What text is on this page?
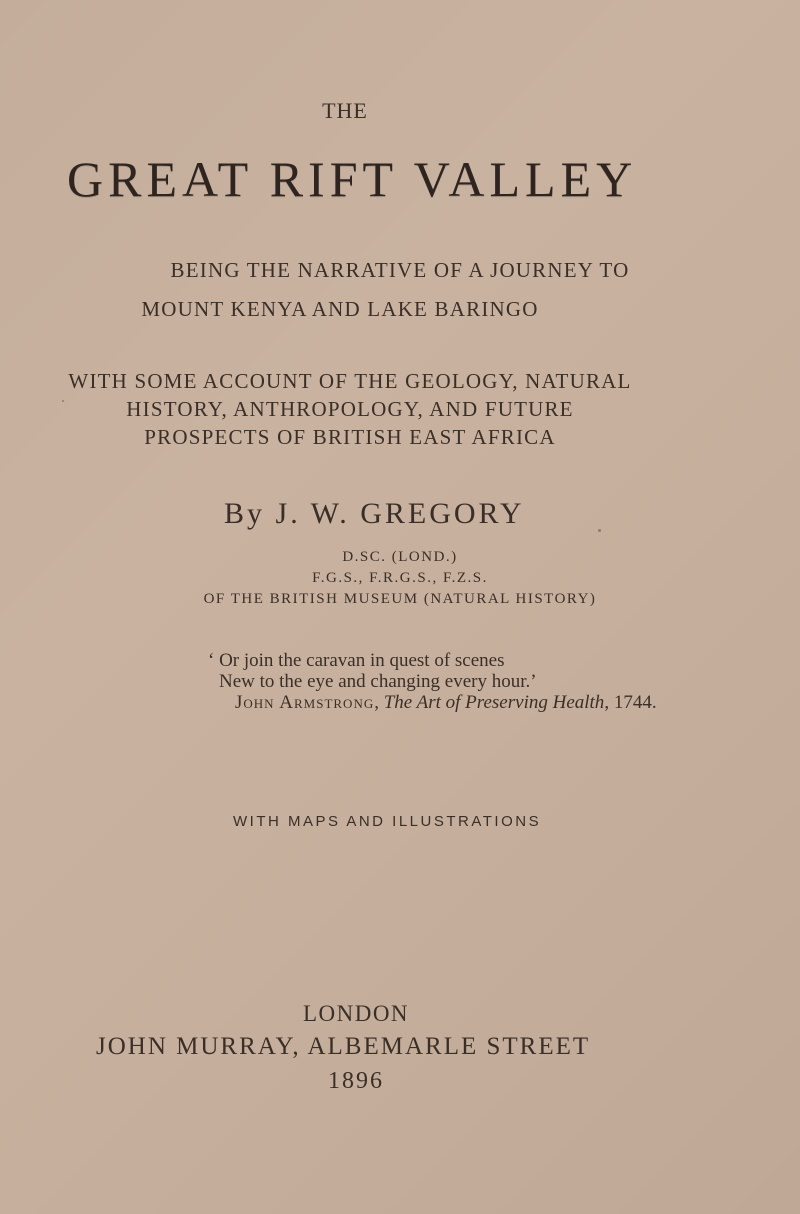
THE
GREAT RIFT VALLEY
BEING THE NARRATIVE OF A JOURNEY TO
MOUNT KENYA AND LAKE BARINGO
WITH SOME ACCOUNT OF THE GEOLOGY, NATURAL
HISTORY, ANTHROPOLOGY, AND FUTURE
PROSPECTS OF BRITISH EAST AFRICA
By J. W. GREGORY
D.SC. (LOND.)
F.G.S., F.R.G.S., F.Z.S.
OF THE BRITISH MUSEUM (NATURAL HISTORY)
‘ Or join the caravan in quest of scenes
New to the eye and changing every hour.’
John Armstrong, The Art of Preserving Health, 1744.
WITH MAPS AND ILLUSTRATIONS
LONDON
JOHN MURRAY, ALBEMARLE STREET
1896
